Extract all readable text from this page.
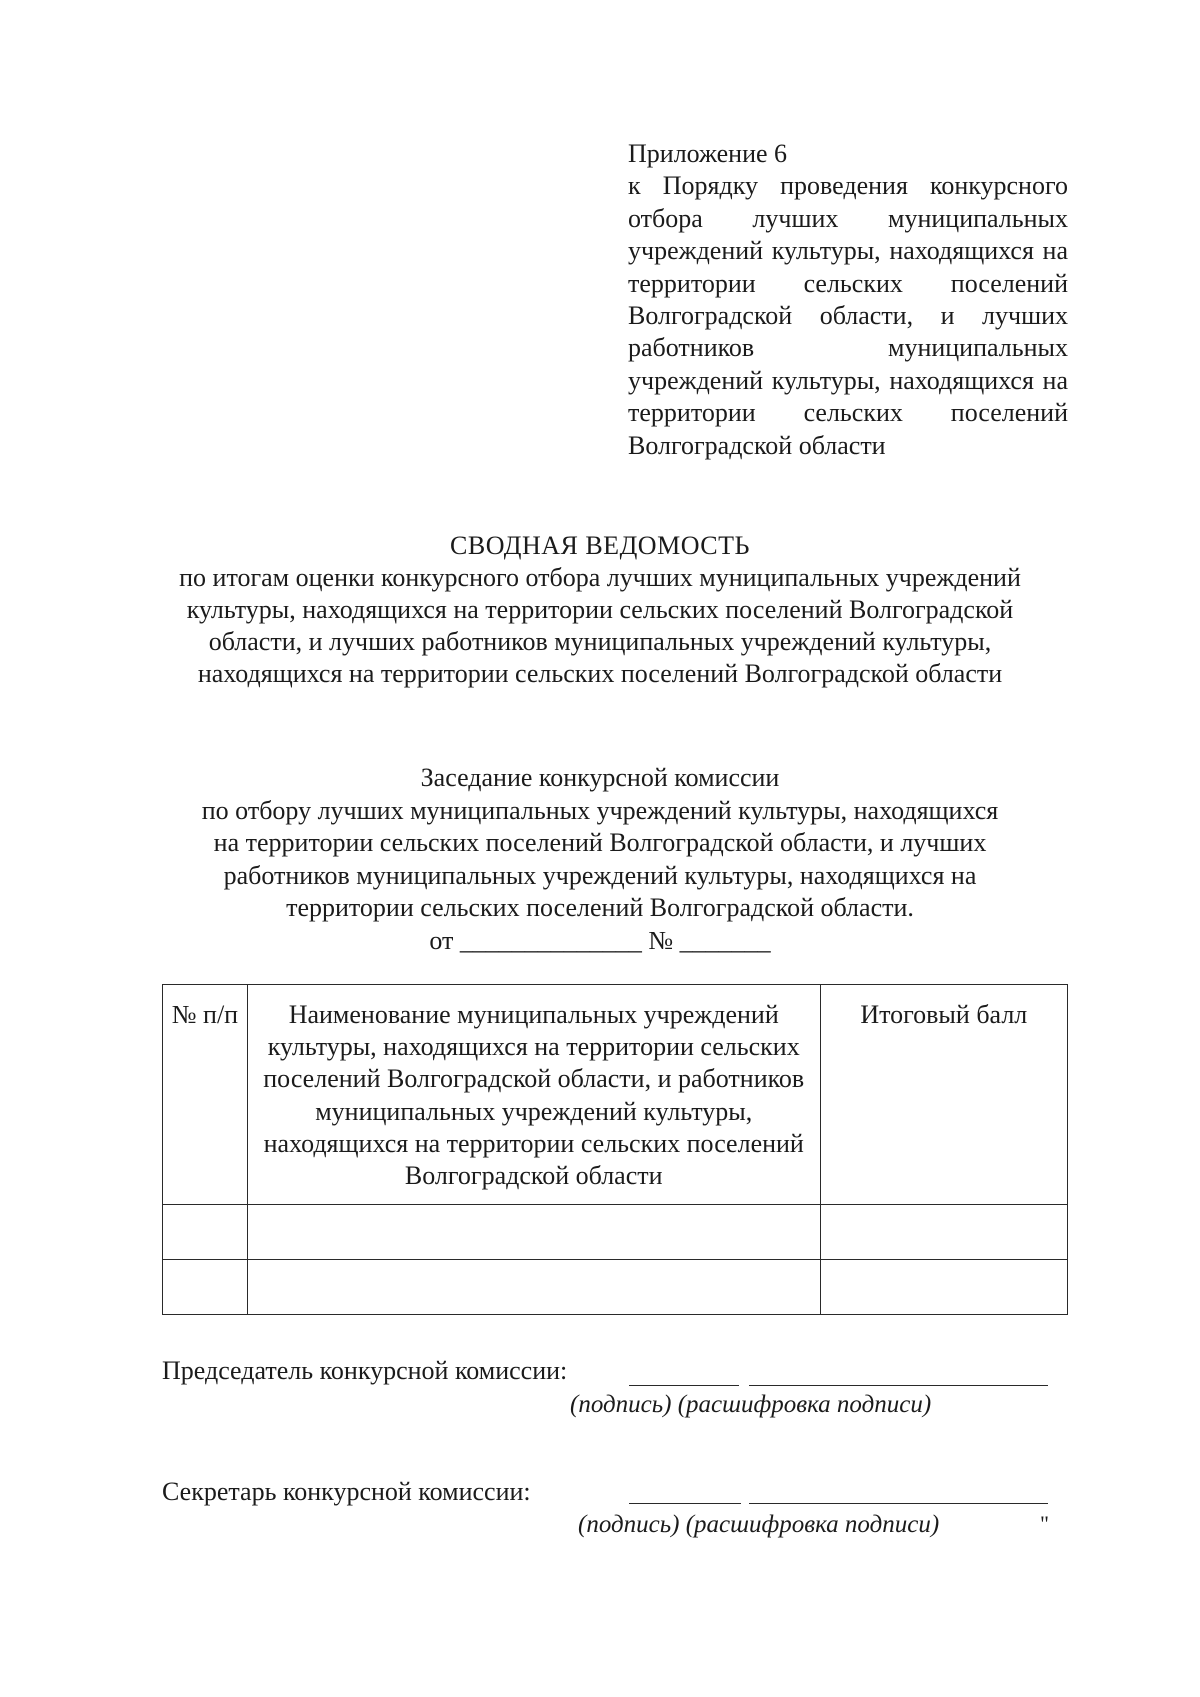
Приложение 6
к Порядку проведения конкурсного отбора лучших муниципальных учреждений культуры, находящихся на территории сельских поселений Волгоградской области, и лучших работников муниципальных учреждений культуры, находящихся на территории сельских поселений Волгоградской области
СВОДНАЯ ВЕДОМОСТЬ
по итогам оценки конкурсного отбора лучших муниципальных учреждений культуры, находящихся на территории сельских поселений Волгоградской области, и лучших работников муниципальных учреждений культуры, находящихся на территории сельских поселений Волгоградской области
Заседание конкурсной комиссии
по отбору лучших муниципальных учреждений культуры, находящихся
на территории сельских поселений Волгоградской области, и лучших
работников муниципальных учреждений культуры, находящихся на
территории сельских поселений Волгоградской области.
от ______________ № _______
№ п/п	Наименование муниципальных учреждений культуры, находящихся на территории сельских поселений Волгоградской области, и работников муниципальных учреждений культуры, находящихся на территории сельских поселений Волгоградской области	Итоговый балл

Председатель конкурсной комиссии:
(подпись) (расшифровка подписи)
Секретарь конкурсной комиссии:
(подпись) (расшифровка подписи)	"
